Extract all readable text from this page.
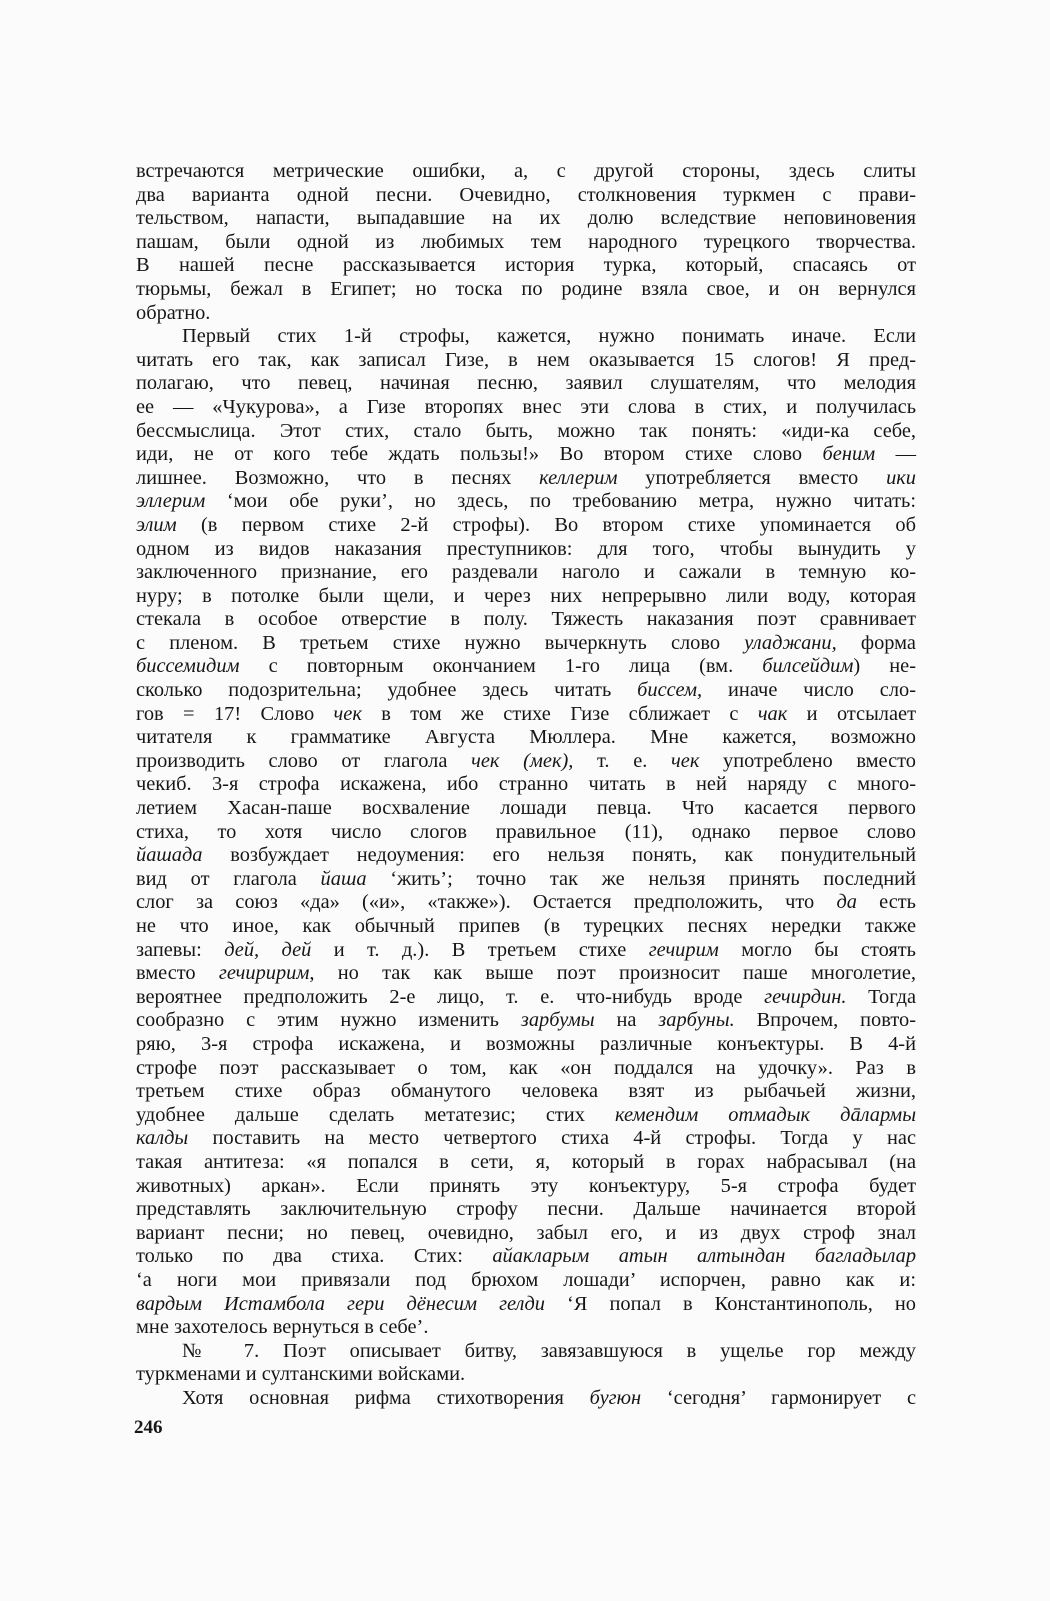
встречаются метрические ошибки, а, с другой стороны, здесь слиты
два варианта одной песни. Очевидно, столкновения туркмен с прави-
тельством, напасти, выпадавшие на их долю вследствие неповиновения
пашам, были одной из любимых тем народного турецкого творчества.
В нашей песне рассказывается история турка, который, спасаясь от
тюрьмы, бежал в Египет; но тоска по родине взяла свое, и он вернулся
обратно.

Первый стих 1-й строфы, кажется, нужно понимать иначе. Если
читать его так, как записал Гизе, в нем оказывается 15 слогов! Я пред-
полагаю, что певец, начиная песню, заявил слушателям, что мелодия
ее — «Чукурова», а Гизе второпях внес эти слова в стих, и получилась
бессмыслица. Этот стих, стало быть, можно так понять: «иди-ка себе,
иди, не от кого тебе ждать пользы!» Во втором стихе слово беним —
лишнее. Возможно, что в песнях келлерим употребляется вместо ики
эллерим ‘мои обе руки’, но здесь, по требованию метра, нужно читать:
элим (в первом стихе 2-й строфы). Во втором стихе упоминается об
одном из видов наказания преступников: для того, чтобы вынудить у
заключенного признание, его раздевали наголо и сажали в темную ко-
нуру; в потолке были щели, и через них непрерывно лили воду, которая
стекала в особое отверстие в полу. Тяжесть наказания поэт сравнивает
с пленом. В третьем стихе нужно вычеркнуть слово уладжани, форма
биссемидим с повторным окончанием 1-го лица (вм. билсейдим) не-
сколько подозрительна; удобнее здесь читать биссем, иначе число сло-
гов = 17! Слово чек в том же стихе Гизе сближает с чак и отсылает
читателя к грамматике Августа Мюллера. Мне кажется, возможно
производить слово от глагола чек (мек), т. е. чек употреблено вместо
чекиб. 3-я строфа искажена, ибо странно читать в ней наряду с много-
летием Хасан-паше восхваление лошади певца. Что касается первого
стиха, то хотя число слогов правильное (11), однако первое слово
йашада возбуждает недоумения: его нельзя понять, как понудительный
вид от глагола йаша ‘жить’; точно так же нельзя принять последний
слог за союз «да» («и», «также»). Остается предположить, что да есть
не что иное, как обычный припев (в турецких песнях нередки также
запевы: дей, дей и т. д.). В третьем стихе гечирим могло бы стоять
вместо гечиририм, но так как выше поэт произносит паше многолетие,
вероятнее предположить 2-е лицо, т. е. что-нибудь вроде гечирдин. Тогда
сообразно с этим нужно изменить зарбумы на зарбуны. Впрочем, повто-
ряю, 3-я строфа искажена, и возможны различные конъектуры. В 4-й
строфе поэт рассказывает о том, как «он поддался на удочку». Раз в
третьем стихе образ обманутого человека взят из рыбачьей жизни,
удобнее дальше сделать метатезис; стих кемендим отмадык дāлармы
калды поставить на место четвертого стиха 4-й строфы. Тогда у нас
такая антитеза: «я попался в сети, я, который в горах набрасывал (на
животных) аркан». Если принять эту конъектуру, 5-я строфа будет
представлять заключительную строфу песни. Дальше начинается второй
вариант песни; но певец, очевидно, забыл его, и из двух строф знал
только по два стиха. Стих: айакларым атын алтындан багладылар
‘а ноги мои привязали под брюхом лошади’ испорчен, равно как и:
вардым Истамбола гери дёнесим гелди ‘Я попал в Константинополь, но
мне захотелось вернуться в себе’.

№ 7. Поэт описывает битву, завязавшуюся в ущелье гор между
туркменами и султанскими войсками.

Хотя основная рифма стихотворения бугюн ‘сегодня’ гармонирует с

246
